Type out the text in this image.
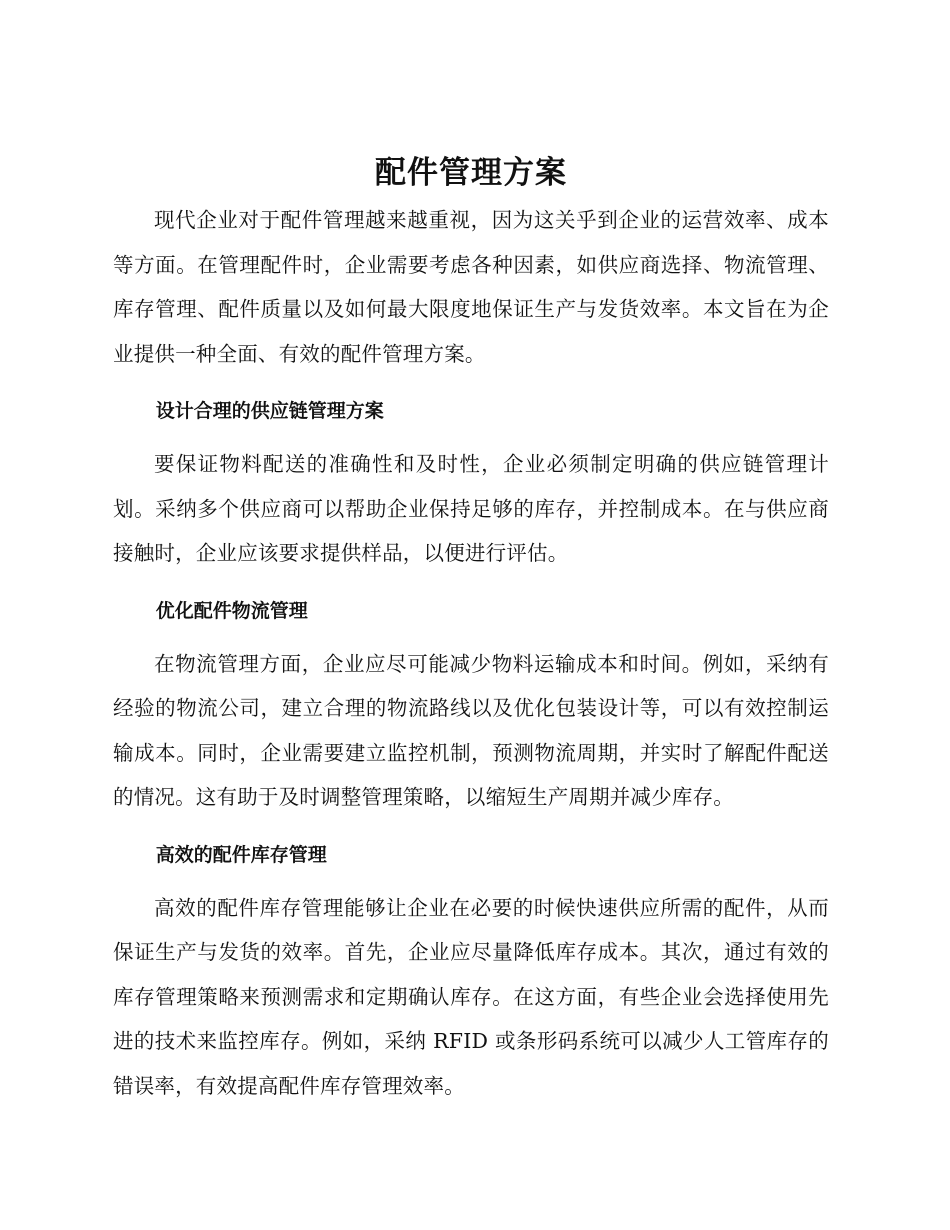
配件管理方案

现代企业对于配件管理越来越重视，因为这关乎到企业的运营效率、成本等方面。在管理配件时，企业需要考虑各种因素，如供应商选择、物流管理、库存管理、配件质量以及如何最大限度地保证生产与发货效率。本文旨在为企业提供一种全面、有效的配件管理方案。

设计合理的供应链管理方案

要保证物料配送的准确性和及时性，企业必须制定明确的供应链管理计划。采纳多个供应商可以帮助企业保持足够的库存，并控制成本。在与供应商接触时，企业应该要求提供样品，以便进行评估。

优化配件物流管理

在物流管理方面，企业应尽可能减少物料运输成本和时间。例如，采纳有经验的物流公司，建立合理的物流路线以及优化包装设计等，可以有效控制运输成本。同时，企业需要建立监控机制，预测物流周期，并实时了解配件配送的情况。这有助于及时调整管理策略，以缩短生产周期并减少库存。

高效的配件库存管理

高效的配件库存管理能够让企业在必要的时候快速供应所需的配件，从而保证生产与发货的效率。首先，企业应尽量降低库存成本。其次，通过有效的库存管理策略来预测需求和定期确认库存。在这方面，有些企业会选择使用先进的技术来监控库存。例如，采纳 RFID 或条形码系统可以减少人工管库存的错误率，有效提高配件库存管理效率。
